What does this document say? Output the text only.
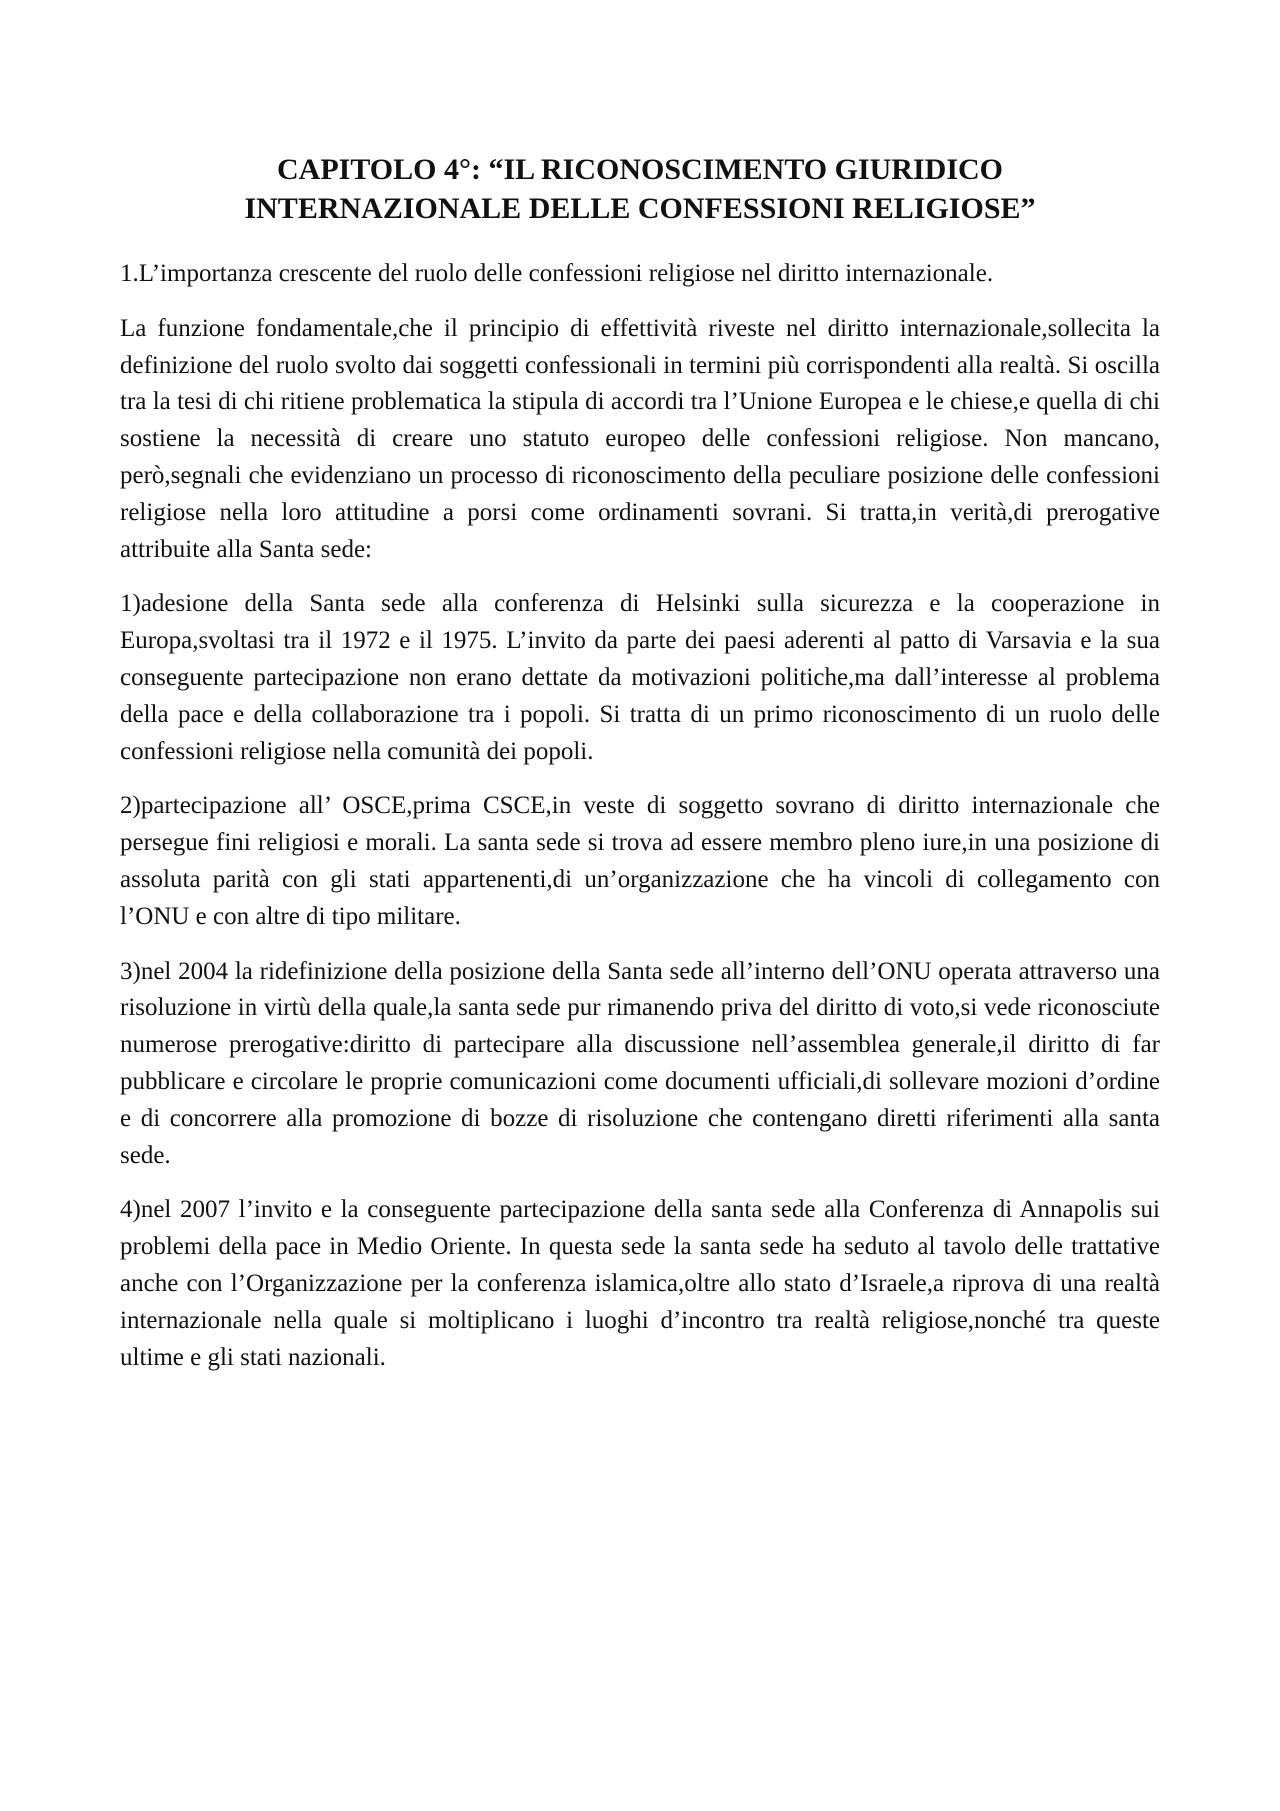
CAPITOLO 4°: “IL RICONOSCIMENTO GIURIDICO
INTERNAZIONALE DELLE CONFESSIONI RELIGIOSE”

1.L’importanza crescente del ruolo delle confessioni religiose nel diritto internazionale.

La funzione fondamentale,che il principio di effettività riveste nel diritto internazionale,sollecita la definizione del ruolo svolto dai soggetti confessionali in termini più corrispondenti alla realtà. Si oscilla tra la tesi di chi ritiene problematica la stipula di accordi tra l’Unione Europea e le chiese,e quella di chi sostiene la necessità di creare uno statuto europeo delle confessioni religiose. Non mancano, però,segnali che evidenziano un processo di riconoscimento della peculiare posizione delle confessioni religiose nella loro attitudine a porsi come ordinamenti sovrani. Si tratta,in verità,di prerogative attribuite alla Santa sede:

1)adesione della Santa sede alla conferenza di Helsinki sulla sicurezza e la cooperazione in Europa,svoltasi tra il 1972 e il 1975. L’invito da parte dei paesi aderenti al patto di Varsavia e la sua conseguente partecipazione non erano dettate da motivazioni politiche,ma dall’interesse al problema della pace e della collaborazione tra i popoli. Si tratta di un primo riconoscimento di un ruolo delle confessioni religiose nella comunità dei popoli.

2)partecipazione all’ OSCE,prima CSCE,in veste di soggetto sovrano di diritto internazionale che persegue fini religiosi e morali. La santa sede si trova ad essere membro pleno iure,in una posizione di assoluta parità con gli stati appartenenti,di un’organizzazione che ha vincoli di collegamento con l’ONU e con altre di tipo militare.

3)nel 2004 la ridefinizione della posizione della Santa sede all’interno dell’ONU operata attraverso una risoluzione in virtù della quale,la santa sede pur rimanendo priva del diritto di voto,si vede riconosciute numerose prerogative:diritto di partecipare alla discussione nell’assemblea generale,il diritto di far pubblicare e circolare le proprie comunicazioni come documenti ufficiali,di sollevare mozioni d’ordine e di concorrere alla promozione di bozze di risoluzione che contengano diretti riferimenti alla santa sede.

4)nel 2007 l’invito e la conseguente partecipazione della santa sede alla Conferenza di Annapolis sui problemi della pace in Medio Oriente. In questa sede la santa sede ha seduto al tavolo delle trattative anche con l’Organizzazione per la conferenza islamica,oltre allo stato d’Israele,a riprova di una realtà internazionale nella quale si moltiplicano i luoghi d’incontro tra realtà religiose,nonché tra queste ultime e gli stati nazionali.
